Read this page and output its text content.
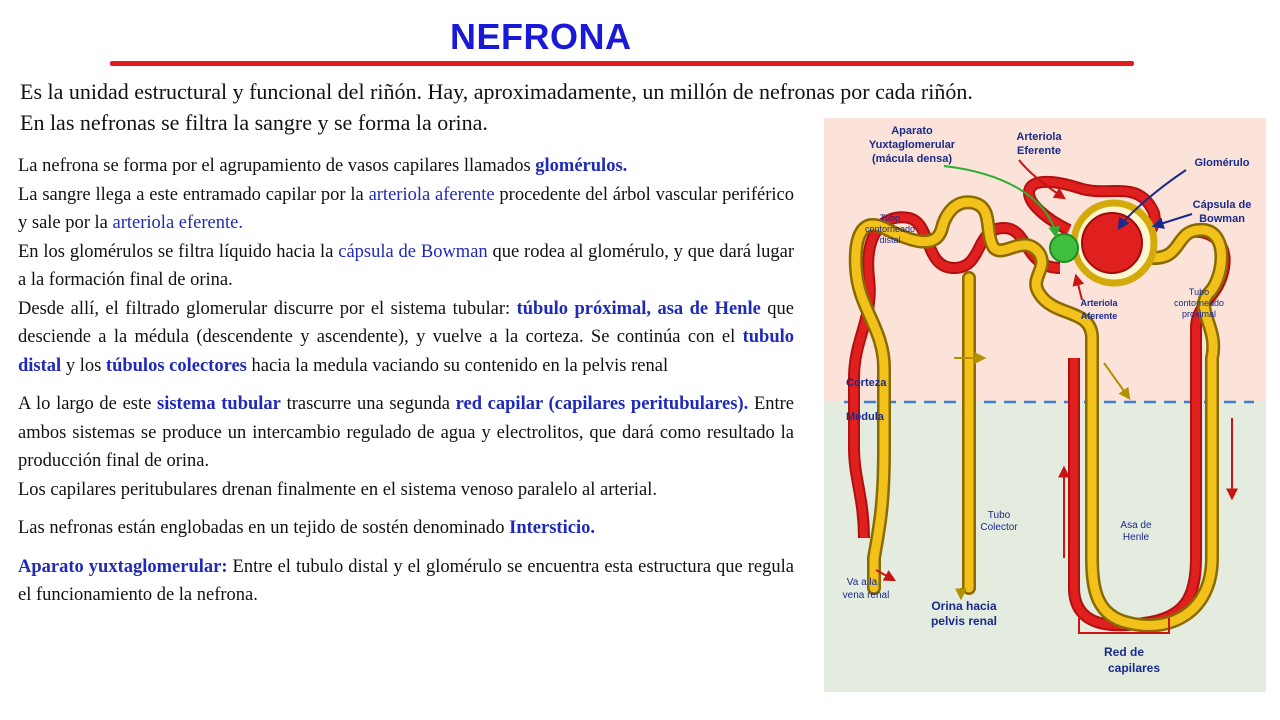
NEFRONA
Es la unidad estructural y funcional del riñón. Hay, aproximadamente, un millón de nefronas por cada riñón.
En las nefronas se filtra la sangre y se forma la orina.

La nefrona se forma por el agrupamiento de vasos capilares llamados glomérulos.

La sangre llega a este entramado capilar por la arteriola aferente procedente del árbol vascular periférico y sale por la arteriola eferente.

En los glomérulos se filtra líquido hacia la cápsula de Bowman que rodea al glomérulo, y que dará lugar a la formación final de orina.

Desde allí, el filtrado glomerular discurre por el sistema tubular: túbulo próximal, asa de Henle que desciende a la médula (descendente y ascendente), y vuelve a la corteza. Se continúa con el tubulo distal y los túbulos colectores hacia la medula vaciando su contenido en la pelvis renal

A lo largo de este sistema tubular trascurre una segunda red capilar (capilares peritubulares). Entre ambos sistemas se produce un intercambio regulado de agua y electrolitos, que dará como resultado la producción final de orina.

Los capilares peritubulares drenan finalmente en el sistema venoso paralelo al arterial.

Las nefronas están englobadas en un tejido de sostén denominado Intersticio.

Aparato yuxtaglomerular: Entre el tubulo distal y el glomérulo se encuentra esta estructura que regula el funcionamiento de la nefrona.

Aparato
Yuxtaglomerular
(mácula densa)
Arteriola
Eferente
Glomérulo
Cápsula de
Bowman
Arteriola
Aferente
Tubo
contorneado
proximal
Tubo
contorneado
distal
Tubo
Colector	Asa de
Henle
Va a la
vena renal
Orina hacia
pelvis renal
Red de
capilares
Corteza
Médula
